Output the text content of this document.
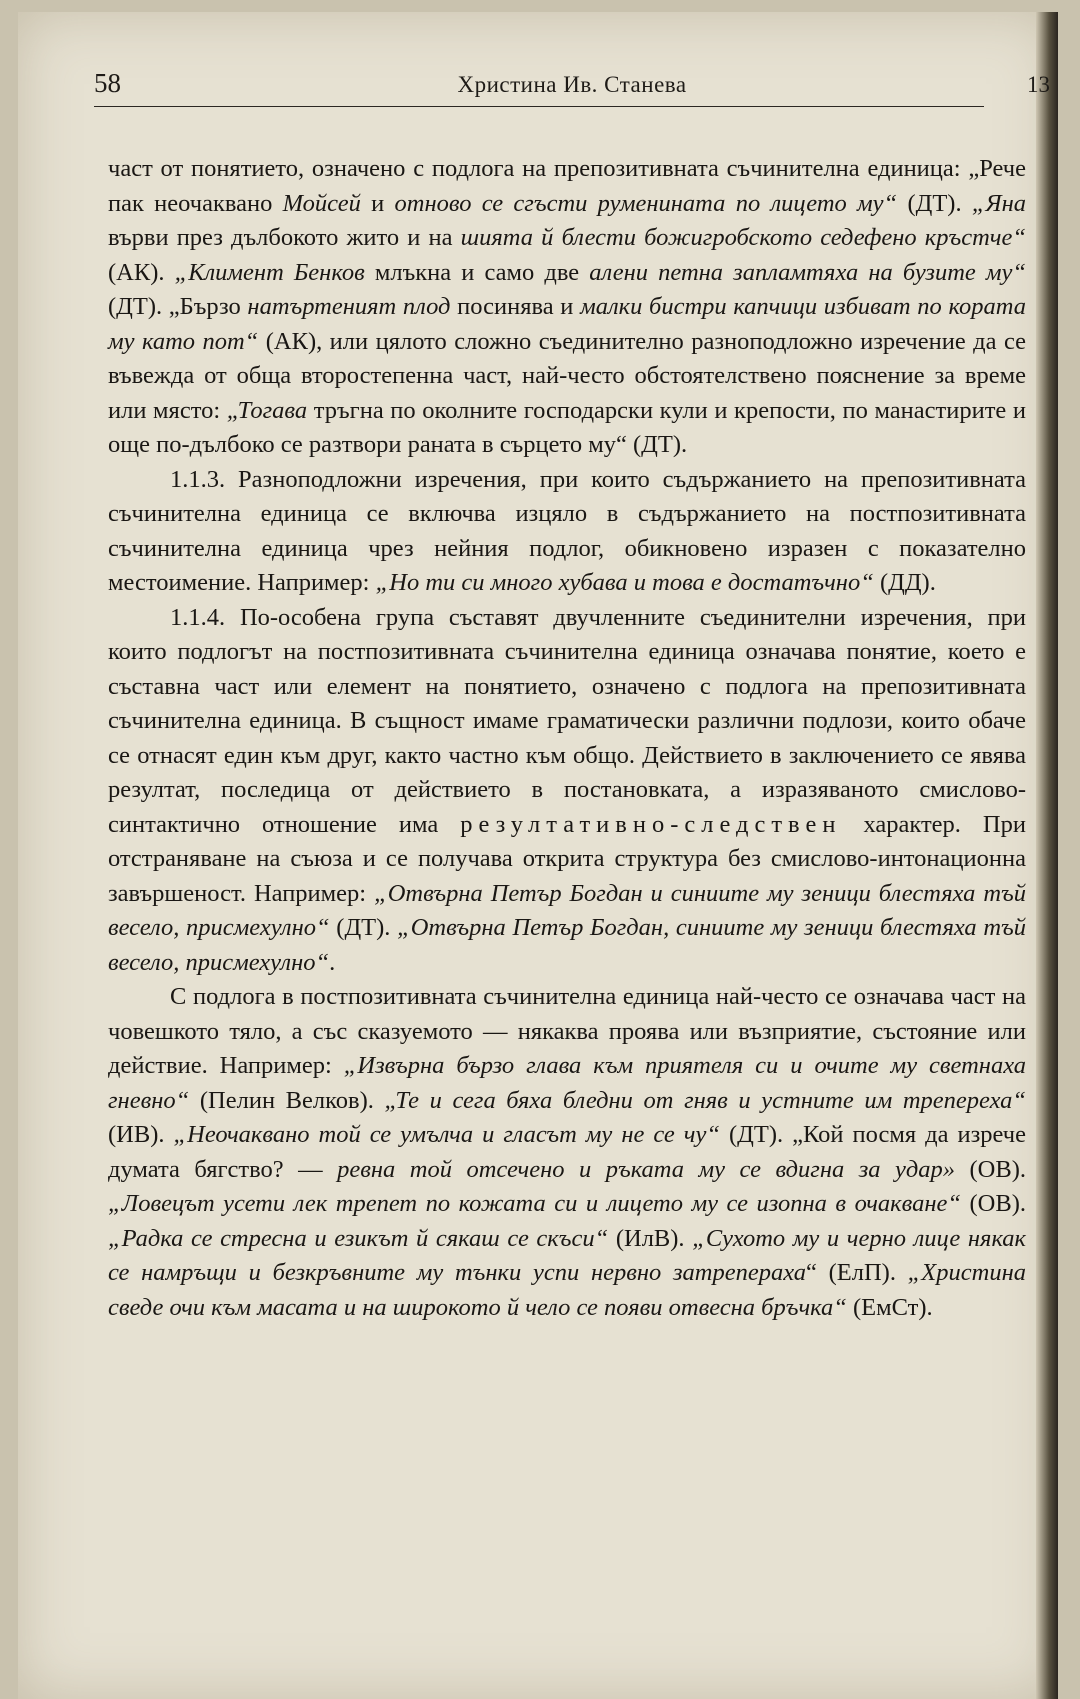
58	Христина Ив. Станева	13

част от понятието, означено с подлога на препозитивната съчинителна единица: „Рече пак неочаквано Мойсей и отново се сгъсти руменината по лицето му“ (ДТ). „Яна върви през дълбокото жито и на шията й блести божигробското седефено кръстче“ (АК). „Климент Бенков млъкна и само две алени петна запламтяха на бузите му“ (ДТ). „Бързо натъртеният плод посинява и малки бистри капчици избиват по кората му като пот“ (АК), или цялото сложно съединително разноподложно изречение да се въвежда от обща второстепенна част, най-често обстоятелствено пояснение за време или място: „Тогава тръгна по околните господарски кули и крепости, по манастирите и още по-дълбоко се разтвори раната в сърцето му“ (ДТ).

1.1.3. Разноподложни изречения, при които съдържанието на препозитивната съчинителна единица се включва изцяло в съдържанието на постпозитивната съчинителна единица чрез нейния подлог, обикновено изразен с показателно местоимение. Например: „Но ти си много хубава и това е достатъчно“ (ДД).

1.1.4. По-особена група съставят двучленните съединителни изречения, при които подлогът на постпозитивната съчинителна единица означава понятие, което е съставна част или елемент на понятието, означено с подлога на препозитивната съчинителна единица. В същност имаме граматически различни подлози, които обаче се отнасят един към друг, както частно към общо. Действието в заключението се явява резултат, последица от действието в постановката, а изразяваното смислово-синтактично отношение има резултативно-следствен характер. При отстраняване на съюза и се получава открита структура без смислово-интонационна завършеност. Например: „Отвърна Петър Богдан и синиите му зеници блестяха тъй весело, присмехулно“ (ДТ). „Отвърна Петър Богдан, синиите му зеници блестяха тъй весело, присмехулно“.

С подлога в постпозитивната съчинителна единица най-често се означава част на човешкото тяло, а със сказуемото — някаква проява или възприятие, състояние или действие. Например: „Извърна бързо глава към приятеля си и очите му светнаха гневно“ (Пелин Велков). „Те и сега бяха бледни от гняв и устните им трепереха“ (ИВ). „Неочаквано той се умълча и гласът му не се чу“ (ДТ). „Кой посмя да изрече думата бягство? — ревна той отсечено и ръката му се вдигна за удар» (ОВ). „Ловецът усети лек трепет по кожата си и лицето му се изопна в очакване“ (ОВ). „Радка се стресна и езикът й сякаш се скъси“ (ИлВ). „Сухото му и черно лице някак се намръщи и безкръвните му тънки успи нервно затрепераха“ (ЕлП). „Христина сведе очи към масата и на широкото й чело се появи отвесна бръчка“ (ЕмСт).
